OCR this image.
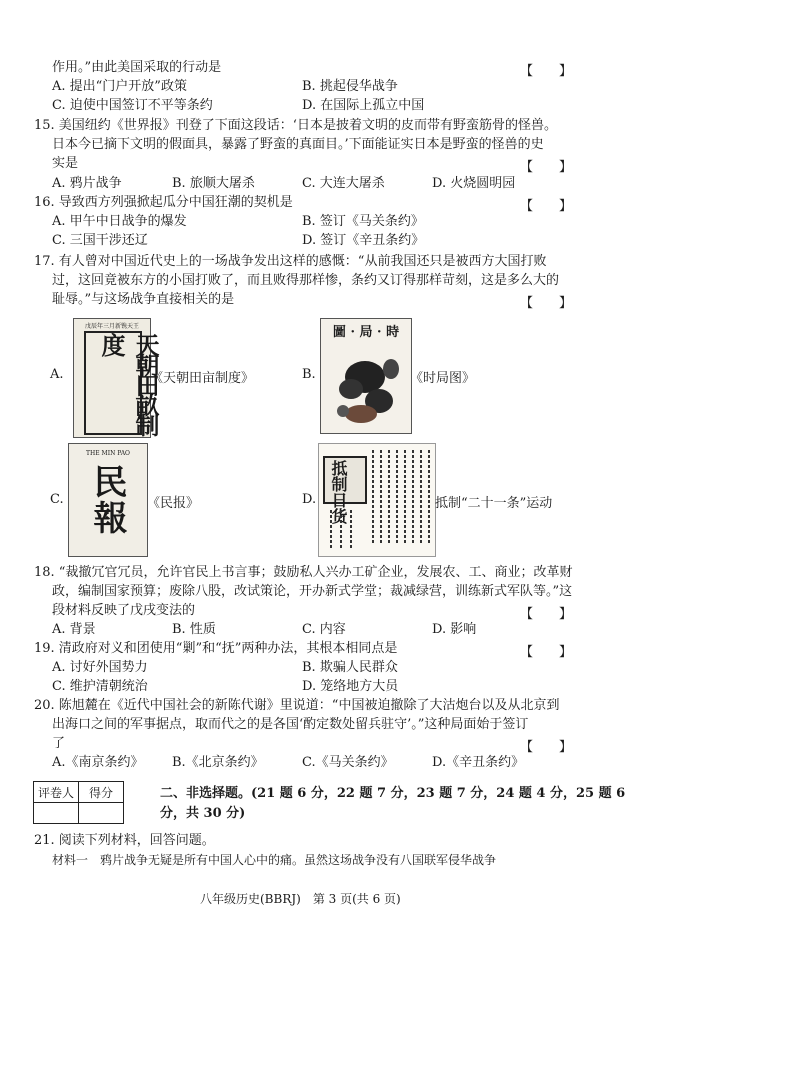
作用。”由此美国采取的行动是	【　　】
A. 提出“门户开放”政策	B. 挑起侵华战争
C. 迫使中国签订不平等条约	D. 在国际上孤立中国
15. 美国纽约《世界报》刊登了下面这段话：‘日本是披着文明的皮而带有野蛮筋骨的怪兽。
日本今已摘下文明的假面具，暴露了野蛮的真面目。’下面能证实日本是野蛮的怪兽的史
实是	【　　】
A. 鸦片战争	B. 旅顺大屠杀	C. 大连大屠杀	D. 火烧圆明园
16. 导致西方列强掀起瓜分中国狂潮的契机是	【　　】
A. 甲午中日战争的爆发	B. 签订《马关条约》
C. 三国干涉还辽	D. 签订《辛丑条约》
17. 有人曾对中国近代史上的一场战争发出这样的感慨：“从前我国还只是被西方大国打败
过，这回竟被东方的小国打败了，而且败得那样惨，条约又订得那样苛刻，这是多么大的
耻辱。”与这场战争直接相关的是	【　　】
A.
戊辰年三月新镌天王
天朝田畝制度
《天朝田亩制度》	B.
圖 · 局 · 時
《时局图》
C.
THE MIN PAO
民報 《民报》	D. 抵制日货	抵制“二十一条”运动
18. “裁撤冗官冗员，允许官民上书言事；鼓励私人兴办工矿企业，发展农、工、商业；改革财
政，编制国家预算；废除八股，改试策论，开办新式学堂；裁减绿营，训练新式军队等。”这
段材料反映了戊戌变法的	【　　】
A. 背景	B. 性质	C. 内容	D. 影响
19. 清政府对义和团使用“剿”和“抚”两种办法，其根本相同点是	【　　】
A. 讨好外国势力	B. 欺骗人民群众
C. 维护清朝统治	D. 笼络地方大员
20. 陈旭麓在《近代中国社会的新陈代谢》里说道：“中国被迫撤除了大沽炮台以及从北京到
出海口之间的军事据点，取而代之的是各国‘酌定数处留兵驻守’。”这种局面始于签订
了	【　　】
A.《南京条约》 B.《北京条约》	C.《马关条约》	D.《辛丑条约》
评卷人	得分
		二、非选择题。(21 题 6 分，22 题 7 分，23 题 7 分，24 题 4 分，25 题 6
分，共 30 分)
21. 阅读下列材料，回答问题。
材料一　鸦片战争无疑是所有中国人心中的痛。虽然这场战争没有八国联军侵华战争
八年级历史(BBRJ)　第 3 页(共 6 页)
